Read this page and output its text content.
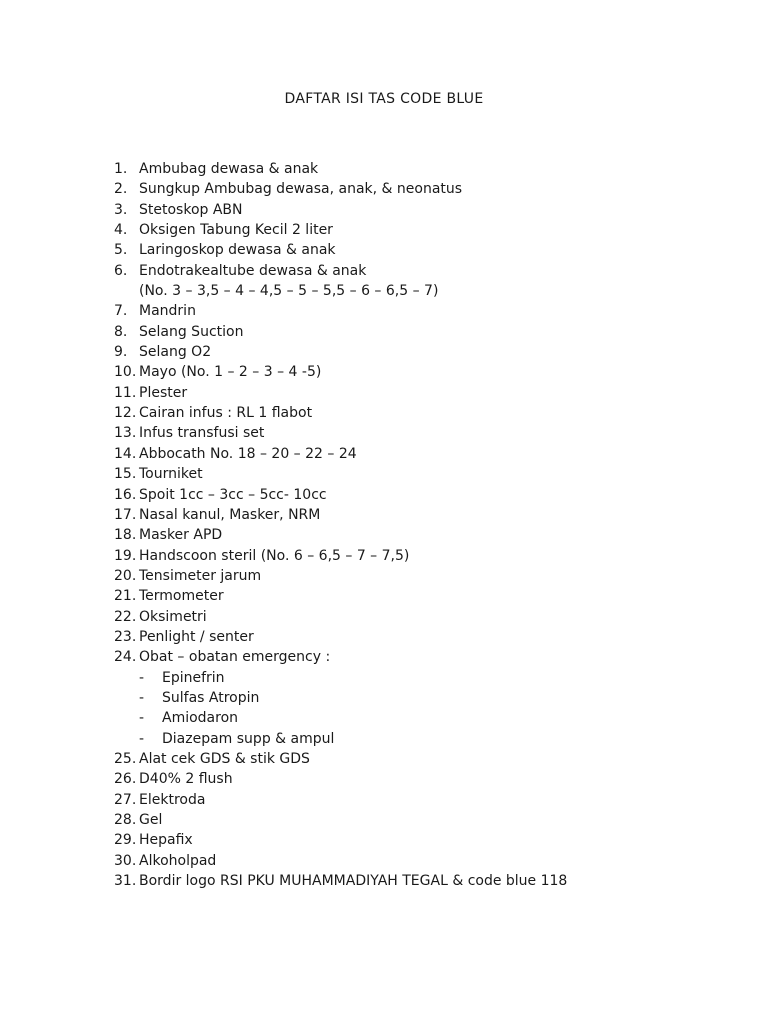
DAFTAR ISI TAS CODE BLUE
1. Ambubag dewasa & anak
2. Sungkup Ambubag dewasa, anak, & neonatus
3. Stetoskop ABN
4. Oksigen Tabung Kecil 2 liter
5. Laringoskop dewasa & anak
6. Endotrakealtube dewasa & anak
(No. 3 – 3,5 – 4 – 4,5 – 5 – 5,5 – 6 – 6,5 – 7)
7. Mandrin
8. Selang Suction
9. Selang O2
10. Mayo (No. 1 – 2 – 3 – 4 -5)
11. Plester
12. Cairan infus : RL 1 flabot
13. Infus transfusi set
14. Abbocath No. 18 – 20 – 22 – 24
15. Tourniket
16. Spoit 1cc – 3cc – 5cc- 10cc
17. Nasal kanul, Masker, NRM
18. Masker APD
19. Handscoon steril (No. 6 – 6,5 – 7 – 7,5)
20. Tensimeter jarum
21. Termometer
22. Oksimetri
23. Penlight / senter
24. Obat – obatan emergency :
- Epinefrin
- Sulfas Atropin
- Amiodaron
- Diazepam supp & ampul
25. Alat cek GDS & stik GDS
26. D40% 2 flush
27. Elektroda
28. Gel
29. Hepafix
30. Alkoholpad
31. Bordir logo RSI PKU MUHAMMADIYAH TEGAL & code blue 118
